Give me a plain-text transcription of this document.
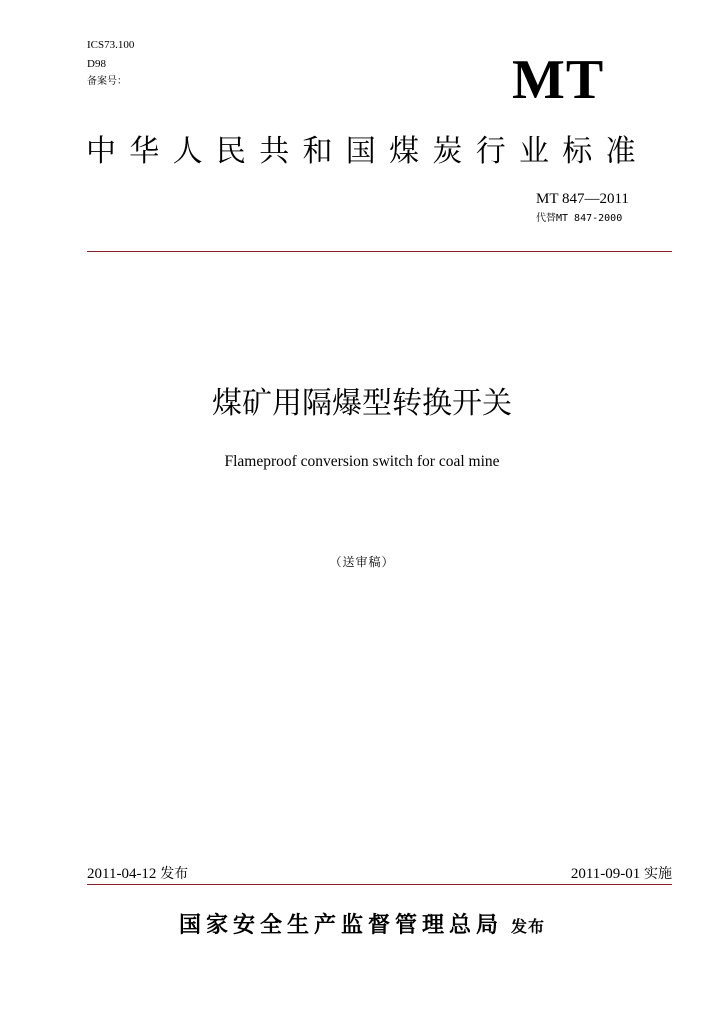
ICS73.100
D98
备案号：	MT
中华人民共和国煤炭行业标准
MT 847—2011
代替MT 847-2000
煤矿用隔爆型转换开关
Flameproof conversion switch for coal mine
（送审稿）
2011-04-12 发布	2011-09-01 实施
国家安全生产监督管理总局 发布
